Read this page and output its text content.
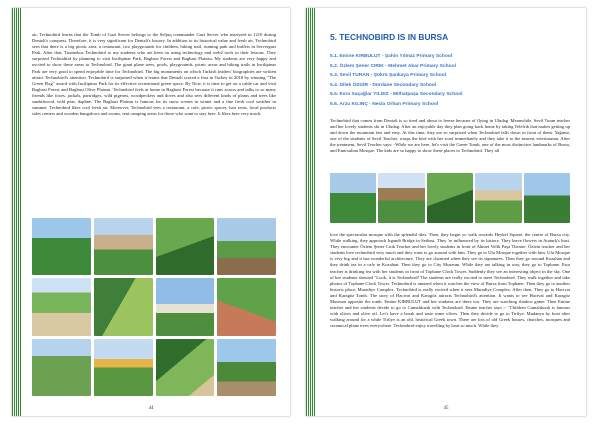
air. Technobird learns that the Tomb of Gazi Server belongs to the Seljuq commander Gazi Server who martyred in 1210 during Denizli's conquest. Therefore, it is very significant for Denizli's history. In addition to its historical value and fresh air, Technobird sees that there is a big picnic area, a restaurant, two playgrounds for children, hiking trail, running path and buffets in Servergazi Park. After that, Tiratnekus Technobird to my students who are keen on using technology and web2 tools in their lessons. They surprised Technobird by planning to visit Incilipinar Park, Bagbasi Forest and Bagbasi Plateau. My students are very happy and excited to show these areas to Technobird. The giant plane trees, pools, playgrounds, picnic areas and hiking trails in Incilipinar Park are very good to spend enjoyable time for Technobird. The big monuments on which Turkish leaders' biographies are written attract Technobird's attention. Technobird is surprised when it learns that Denizli scored a first in Turkey in 2018 by winning "The Green Flag" award with Incilipinar Park for its effective recreational green space. By Now, it is time to get on a cable car and visit Bagbasi Forest and Bagbasi Olive Plateau. Technobird feels at home in Bagbasi Forest because it runs across and talks to so many friends like foxes, jackals, partridges, wild pigeons, woodpeckers and doves and also sees different kinds of plants and trees like sandalwood, wild pear, daphne. The Bagbasi Plateau is famous for its snow scenes in winter and a fine fresh cool weather in summer. Technobird likes cool fresh air. Moreover, Technobird sees a restaurant, a cafe, picnic spaces, hair tents, local products sales centers and wooden bungalows and rooms, tent camping areas for those who want to stay here. It likes here very much.

44
5. TECHNOBIRD IS IN BURSA
5.1. Emine KIRBULUT - Şahin Yılmaz Primary School
5.2. Özlem Şener CIRIK - Mehmet Akar Primary School
5.3. Sevil TURAN - Şükrü Şankaya Primary School
5.4. Dilek ÖZGİR - Dürdane Secondary School
5.5. Esra Saçağlar YILDIZ - Mithatpaşa Secondary School
5.6. Arzu KILINÇ - Necla Orhan Primary School

Technobird that comes from Denizli is so tired and about to freeze because of flying in Uludag. Meanwhile, Sevil Turan teacher and her lovely students ski in Uludag. After an enjoyable day they plan going back home by taking Telefrik that makes getting up and down the mountain fast and easy. At this time, they are so surprised when Technobird falls down in front of them. Yağmur, one of the students of Sevil Teacher, wraps the bird with her scarf immediately and they take it to the nearest veterinarian. After the treatment, Sevil Teacher says: -While we are here, let's visit the Green Tomb, one of the most distinctive landmarks of Bursa, and Emirsultan Mosque. The kids are so happy to show these places to Technobird. They all

love the spectacular mosque with the splendid tiles. Then, they begin yo walk towards Heykel Square, the centre of Bursa city. While walking, they approach Irgandi Bridge in Setbasi. They 're influenced by its history. They leave flowers in Ataturk's bust. They encounter Özlem Şener Cırık Teacher and her lovely students in front of Ahmet Vefik Paşa Theatre. Özlem teacher and her students love technobird very much and they want to go around with him. They go to Ulu Mosque together with him. Ulu Mosque is very big and it has wonderful architecture. They are charmed when they see its signatures. Then they go around Kozahan and they drink tea in a cafe in Kozahan. Then they go to City Museum. While they are talking in way, they go to Tophane. Esra teacher is drinking tea with her students in front of Tophane Clock Tower. Suddenly they see an interesting object in the sky. One of her students shouted "Look, it is Technobird! The students are really excited to meet Technobird. They walk together and take photos of Tophane Clock Tower. Technobird is amazed when it watches the view of Bursa from Tophane. Then they go to another historic place, Muradiye Complex. Technobird is really excited when it sees Muradiye Complex. After then, They go to Hacivat and Karagöz Tomb. The story of Hacivat and Karagöz attracts Technobird's attention. It wants to see Hacivat and Karagöz Museum opposite the tomb. Emine KIRBULUT and her students are there too. They are watching shadow game. Then Emine teacher and her students decide to go to Cumalıkızık with Technobird. Emine teacher says ;- "Children Cumalıkızık is famous with olives and olive oil. Let's have a break and taste some olives. Then they decide to go to Tirilye. Mudanya by boat after walking around for a while Tirilye is an old, historical Greek town. There are lots of old Greek houses, churches, mosques and ceramical plane trees everywhere. Technobird enjoy travelling by boat so much. While they

45
